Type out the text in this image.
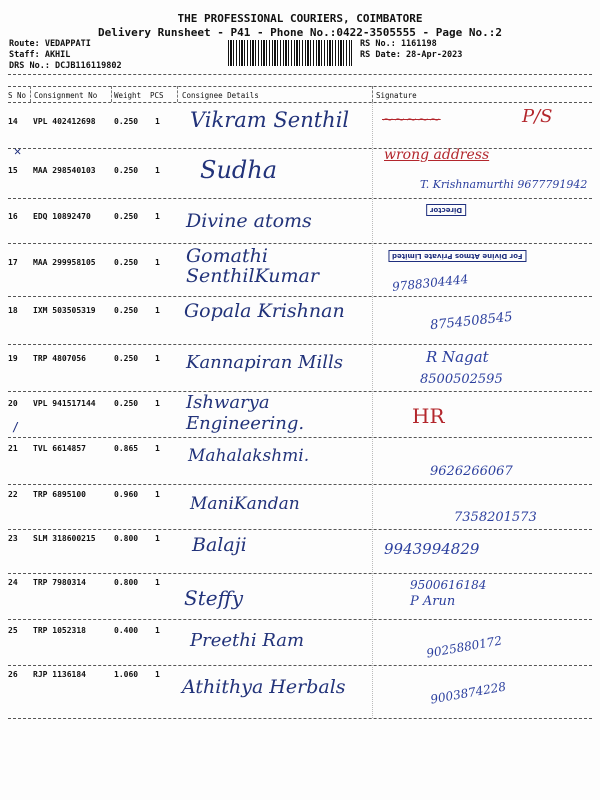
THE PROFESSIONAL COURIERS, COIMBATORE
Delivery Runsheet - P41 - Phone No.:0422-3505555 - Page No.:2
Route: VEDAPPATI
Staff: AKHIL
DRS No.: DCJB116119802
RS No.: 1161198
RS Date: 28-Apr-2023
S No Consignment No Weight PCS Consignee Details	Signature
14 VPL 402412698 0.250 1 Vikram Senthil ~~~~~	P/S
✕
15 MAA 298540103 0.250 1 Sudha
wrong address
T. Krishnamurthi 9677791942
16 EDQ 10892470	0.250 1 Divine atoms	Director
17 MAA 299958105 0.250 1 Gomathi SenthilKumar
For Divine Atmos Private Limited
9788304444
18 IXM 503505319 0.250 1 Gopala Krishnan	8754508545
19 TRP 4807056	0.250 1 Kannapiran Mills	R Nagat
8500502595
20 VPL 941517144 0.250 1
/
Ishwarya Engineering.	HR
21 TVL 6614857	0.865 1 Mahalakshmi.
9626266067
22 TRP 6895100	0.960 1 ManiKandan
7358201573
23 SLM 318600215 0.800 1 Balaji	9943994829
24 TRP 7980314	0.800 1
Steffy
9500616184
P Arun
25 TRP 1052318	0.400 1 Preethi Ram	9025880172
26 RJP 1136184	1.060 1
Athithya Herbals	9003874228
